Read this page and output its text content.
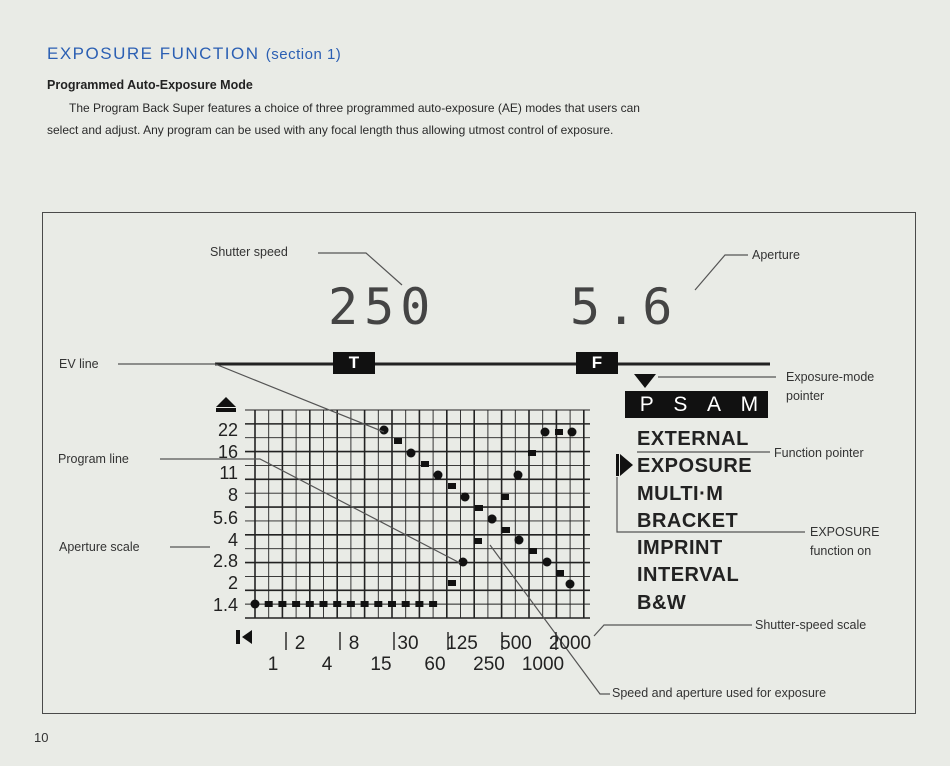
EXPOSURE FUNCTION (section 1)
Programmed Auto-Exposure Mode
The Program Back Super features a choice of three programmed auto-exposure (AE) modes that users can
select and adjust. Any program can be used with any focal length thus allowing utmost control of exposure.
250	5.6
22
16
11
8
5.6
4
2.8
2
1.4
2 8 30 125 500 2000
1 4 15 60 250 1000
T	F
P S A M
EXTERNAL
EXPOSURE
MULTI·M
BRACKET
IMPRINT
INTERVAL
B&W
Shutter speed	Aperture
EV line
Exposure-mode
pointer
Program line	Function pointer
Aperture scale
EXPOSURE
function on
Shutter-speed scale
Speed and aperture used for exposure
10
